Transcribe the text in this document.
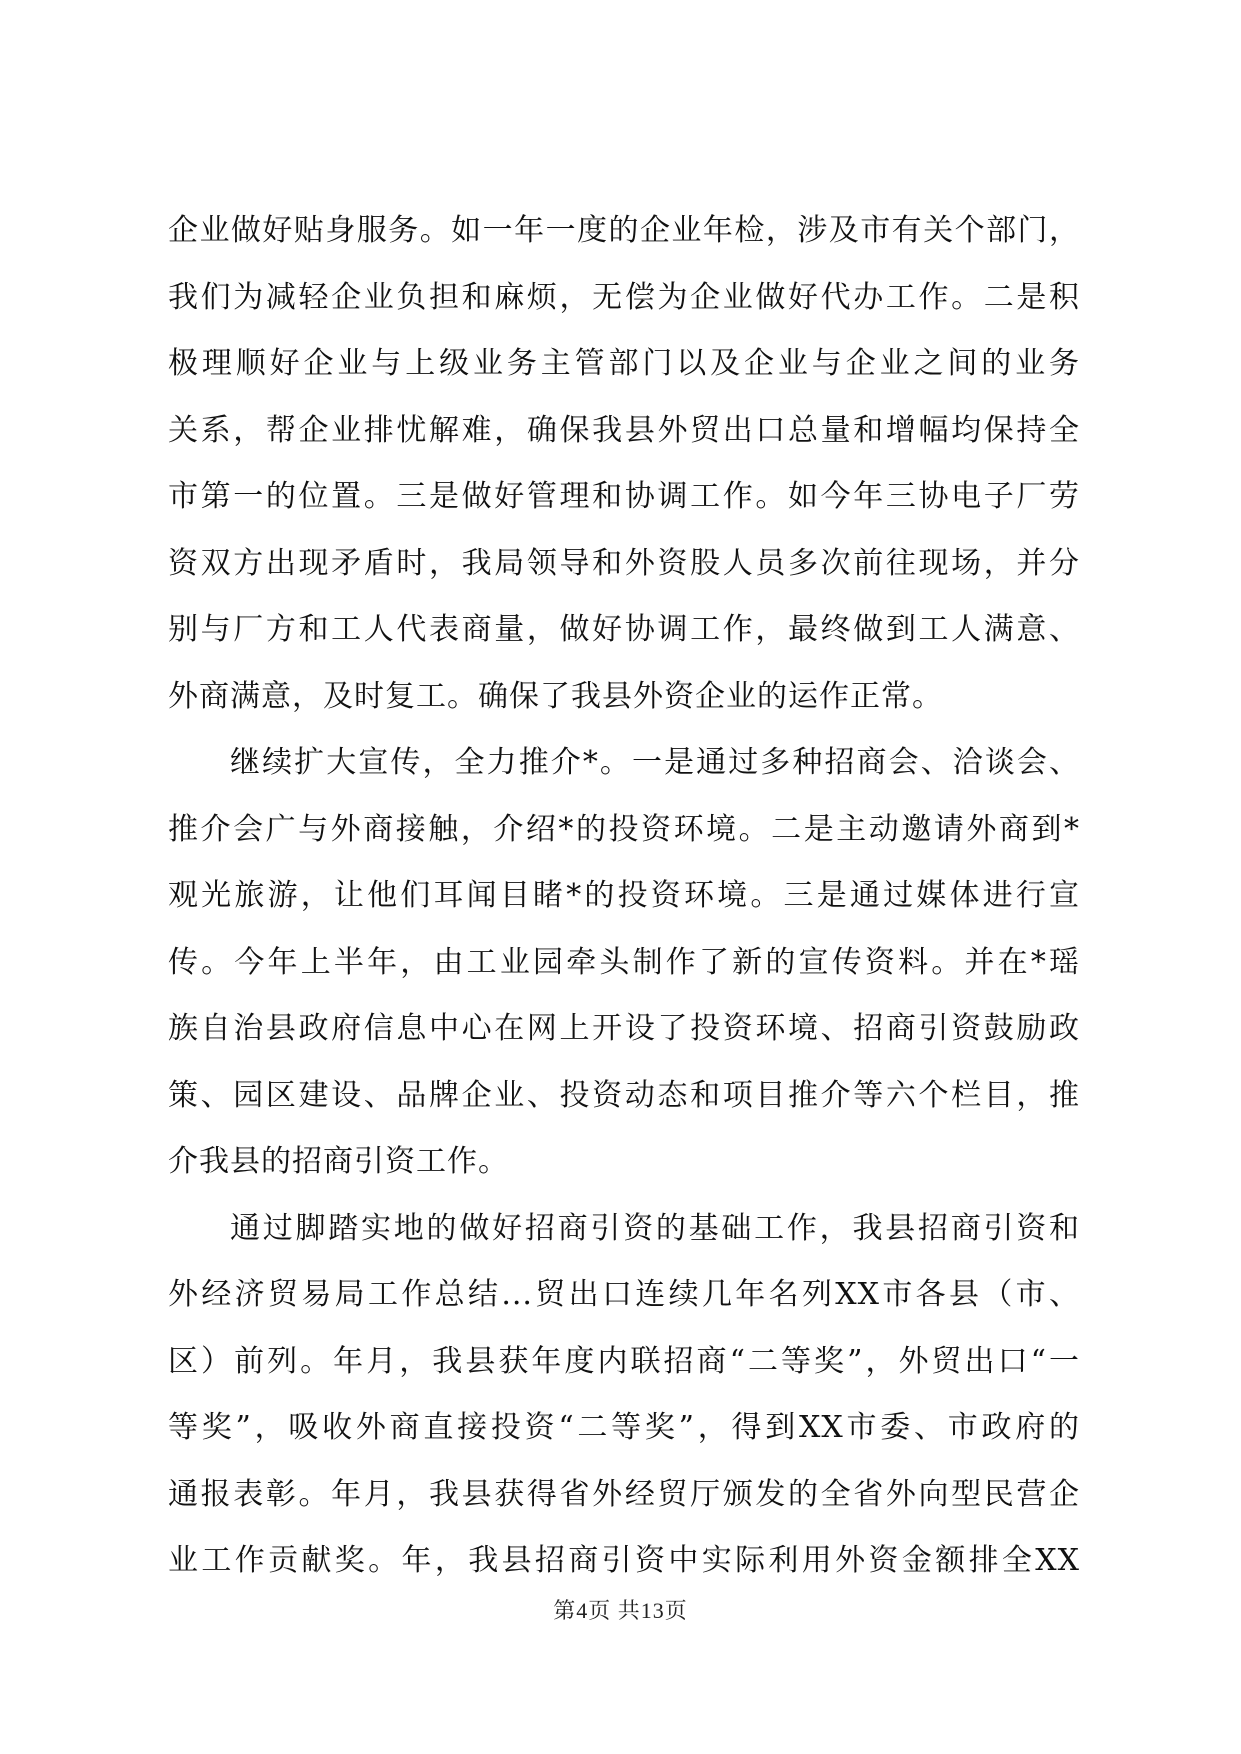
企业做好贴身服务。如一年一度的企业年检，涉及市有关个部门，
我们为减轻企业负担和麻烦，无偿为企业做好代办工作。二是积
极理顺好企业与上级业务主管部门以及企业与企业之间的业务
关系，帮企业排忧解难，确保我县外贸出口总量和增幅均保持全
市第一的位置。三是做好管理和协调工作。如今年三协电子厂劳
资双方出现矛盾时，我局领导和外资股人员多次前往现场，并分
别与厂方和工人代表商量，做好协调工作，最终做到工人满意、
外商满意，及时复工。确保了我县外资企业的运作正常。
继续扩大宣传，全力推介*。一是通过多种招商会、洽谈会、
推介会广与外商接触，介绍*的投资环境。二是主动邀请外商到*
观光旅游，让他们耳闻目睹*的投资环境。三是通过媒体进行宣
传。今年上半年，由工业园牵头制作了新的宣传资料。并在*瑶
族自治县政府信息中心在网上开设了投资环境、招商引资鼓励政
策、园区建设、品牌企业、投资动态和项目推介等六个栏目，推
介我县的招商引资工作。
通过脚踏实地的做好招商引资的基础工作，我县招商引资和
外经济贸易局工作总结...贸出口连续几年名列XX市各县（市、
区）前列。年月，我县获年度内联招商“二等奖”，外贸出口“一
等奖”，吸收外商直接投资“二等奖”，得到XX市委、市政府的
通报表彰。年月，我县获得省外经贸厅颁发的全省外向型民营企
业工作贡献奖。年，我县招商引资中实际利用外资金额排全XX
第4页 共13页
